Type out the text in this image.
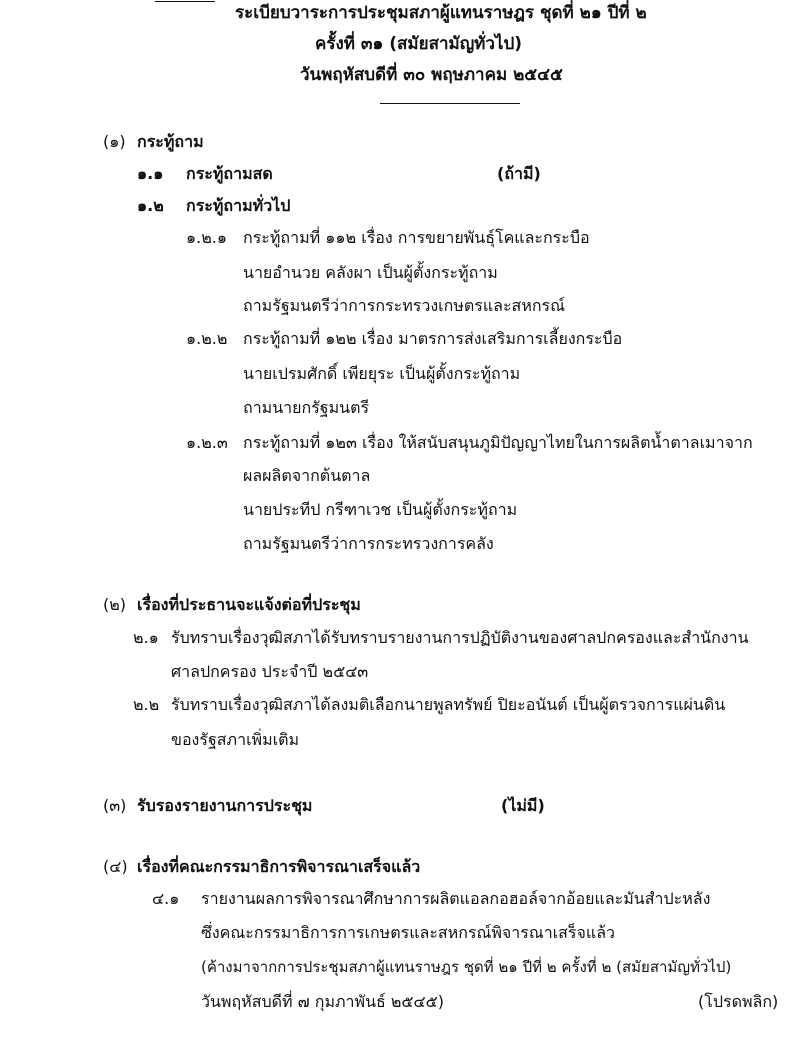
ระเบียบวาระการประชุมสภาผู้แทนราษฎร ชุดที่ ๒๑ ปีที่ ๒
ครั้งที่ ๓๑ (สมัยสามัญทั่วไป)
วันพฤหัสบดีที่ ๓๐ พฤษภาคม ๒๕๔๕
(๑) กระทู้ถาม
๑.๑ กระทู้ถามสด	(ถ้ามี)
๑.๒ กระทู้ถามทั่วไป
๑.๒.๑ กระทู้ถามที่ ๑๑๒ เรื่อง การขยายพันธุ์โคและกระบือ
นายอำนวย คลังผา เป็นผู้ตั้งกระทู้ถาม
ถามรัฐมนตรีว่าการกระทรวงเกษตรและสหกรณ์
๑.๒.๒ กระทู้ถามที่ ๑๒๒ เรื่อง มาตรการส่งเสริมการเลี้ยงกระบือ
นายเปรมศักดิ์ เพียยุระ เป็นผู้ตั้งกระทู้ถาม
ถามนายกรัฐมนตรี
๑.๒.๓ กระทู้ถามที่ ๑๒๓ เรื่อง ให้สนับสนุนภูมิปัญญาไทยในการผลิตน้ำตาลเมาจาก
ผลผลิตจากต้นตาล
นายประทีป กรีฑาเวช เป็นผู้ตั้งกระทู้ถาม
ถามรัฐมนตรีว่าการกระทรวงการคลัง
(๒) เรื่องที่ประธานจะแจ้งต่อที่ประชุม
๒.๑ รับทราบเรื่องวุฒิสภาได้รับทราบรายงานการปฏิบัติงานของศาลปกครองและสำนักงาน
ศาลปกครอง ประจำปี ๒๕๔๓
๒.๒ รับทราบเรื่องวุฒิสภาได้ลงมติเลือกนายพูลทรัพย์ ปิยะอนันต์ เป็นผู้ตรวจการแผ่นดิน
ของรัฐสภาเพิ่มเติม
(๓) รับรองรายงานการประชุม	(ไม่มี)
(๔) เรื่องที่คณะกรรมาธิการพิจารณาเสร็จแล้ว
๔.๑ รายงานผลการพิจารณาศึกษาการผลิตแอลกอฮอล์จากอ้อยและมันสำปะหลัง
ซึ่งคณะกรรมาธิการการเกษตรและสหกรณ์พิจารณาเสร็จแล้ว
(ค้างมาจากการประชุมสภาผู้แทนราษฎร ชุดที่ ๒๑ ปีที่ ๒ ครั้งที่ ๒ (สมัยสามัญทั่วไป)
วันพฤหัสบดีที่ ๗ กุมภาพันธ์ ๒๕๔๕)	(โปรดพลิก)
